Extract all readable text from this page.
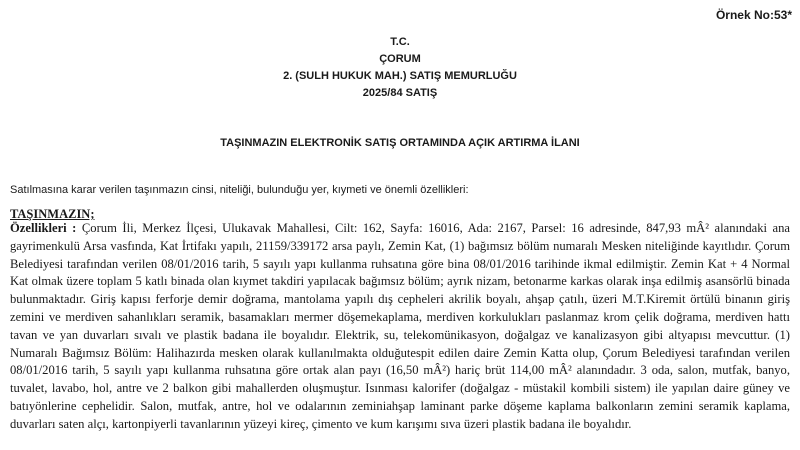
Örnek No:53*
T.C.
ÇORUM
2. (SULH HUKUK MAH.) SATIŞ MEMURLUĞU
2025/84 SATIŞ
TAŞINMAZIN ELEKTRONİK SATIŞ ORTAMINDA AÇIK ARTIRMA İLANI
Satılmasına karar verilen taşınmazın cinsi, niteliği, bulunduğu yer, kıymeti ve önemli özellikleri:
TAŞINMAZIN;
Özellikleri : Çorum İli, Merkez İlçesi, Ulukavak Mahallesi, Cilt: 162, Sayfa: 16016, Ada: 2167, Parsel: 16 adresinde, 847,93 mÂ² alanındaki ana gayrimenkulü Arsa vasfında, Kat İrtifakı yapılı, 21159/339172 arsa paylı, Zemin Kat, (1) bağımsız bölüm numaralı Mesken niteliğinde kayıtlıdır. Çorum Belediyesi tarafından verilen 08/01/2016 tarih, 5 sayılı yapı kullanma ruhsatına göre bina 08/01/2016 tarihinde ikmal edilmiştir. Zemin Kat + 4 Normal Kat olmak üzere toplam 5 katlı binada olan kıymet takdiri yapılacak bağımsız bölüm; ayrık nizam, betonarme karkas olarak inşa edilmiş asansörlü binada bulunmaktadır. Giriş kapısı ferforje demir doğrama, mantolama yapılı dış cepheleri akrilik boyalı, ahşap çatılı, üzeri M.T.Kiremit örtülü binanın giriş zemini ve merdiven sahanlıkları seramik, basamakları mermer döşemekaplama, merdiven korkulukları paslanmaz krom çelik doğrama, merdiven hattı tavan ve yan duvarları sıvalı ve plastik badana ile boyalıdır. Elektrik, su, telekomünikasyon, doğalgaz ve kanalizasyon gibi altyapısı mevcuttur. (1) Numaralı Bağımsız Bölüm: Halihazırda mesken olarak kullanılmakta olduğutespit edilen daire Zemin Katta olup, Çorum Belediyesi tarafından verilen 08/01/2016 tarih, 5 sayılı yapı kullanma ruhsatına göre ortak alan payı (16,50 mÂ²) hariç brüt 114,00 mÂ² alanındadır. 3 oda, salon, mutfak, banyo, tuvalet, lavabo, hol, antre ve 2 balkon gibi mahallerden oluşmuştur. Isınması kalorifer (doğalgaz - müstakil kombili sistem) ile yapılan daire güney ve batıyönlerine cephelidir. Salon, mutfak, antre, hol ve odalarının zeminiahşap laminant parke döşeme kaplama balkonların zemini seramik kaplama, duvarları saten alçı, kartonpiyerli tavanlarının yüzeyi kireç, çimento ve kum karışımı sıva üzeri plastik badana ile boyalıdır.
